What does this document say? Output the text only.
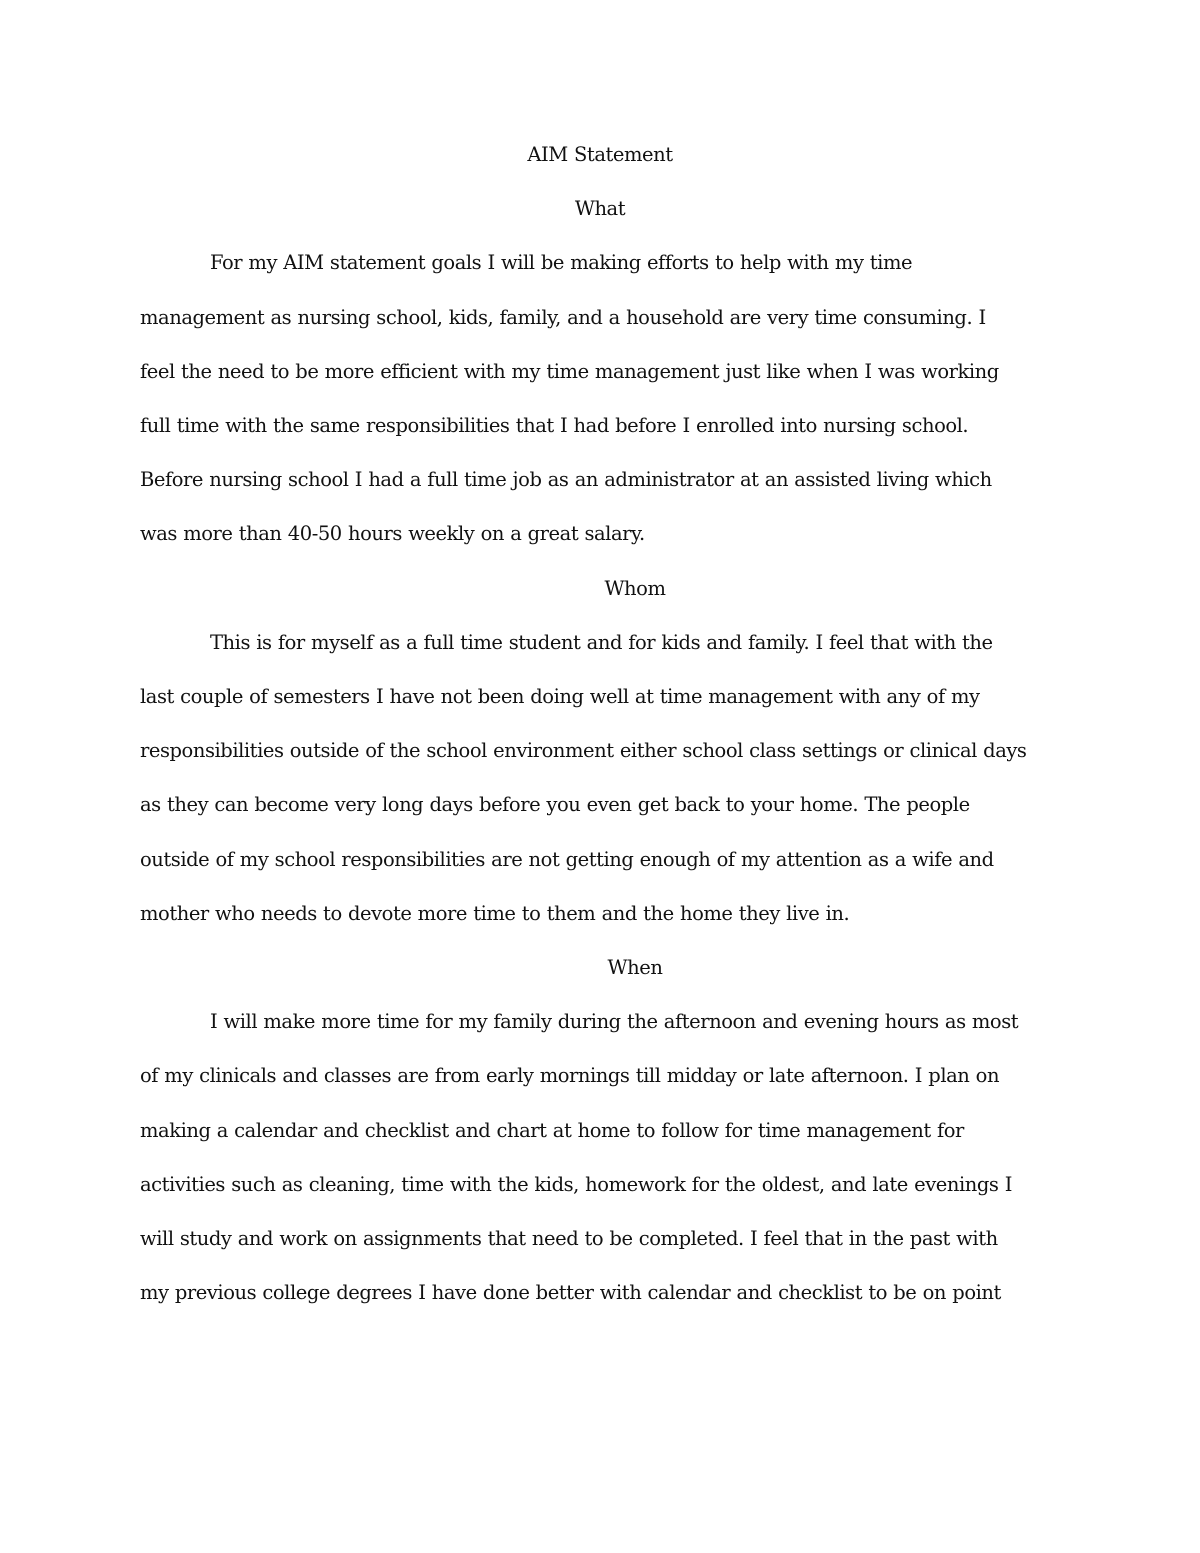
AIM Statement
What

For my AIM statement goals I will be making efforts to help with my time
management as nursing school, kids, family, and a household are very time consuming. I
feel the need to be more efficient with my time management just like when I was working
full time with the same responsibilities that I had before I enrolled into nursing school.
Before nursing school I had a full time job as an administrator at an assisted living which
was more than 40-50 hours weekly on a great salary.

Whom

This is for myself as a full time student and for kids and family. I feel that with the
last couple of semesters I have not been doing well at time management with any of my
responsibilities outside of the school environment either school class settings or clinical days
as they can become very long days before you even get back to your home. The people
outside of my school responsibilities are not getting enough of my attention as a wife and
mother who needs to devote more time to them and the home they live in.

When

I will make more time for my family during the afternoon and evening hours as most
of my clinicals and classes are from early mornings till midday or late afternoon. I plan on
making a calendar and checklist and chart at home to follow for time management for
activities such as cleaning, time with the kids, homework for the oldest, and late evenings I
will study and work on assignments that need to be completed. I feel that in the past with
my previous college degrees I have done better with calendar and checklist to be on point
